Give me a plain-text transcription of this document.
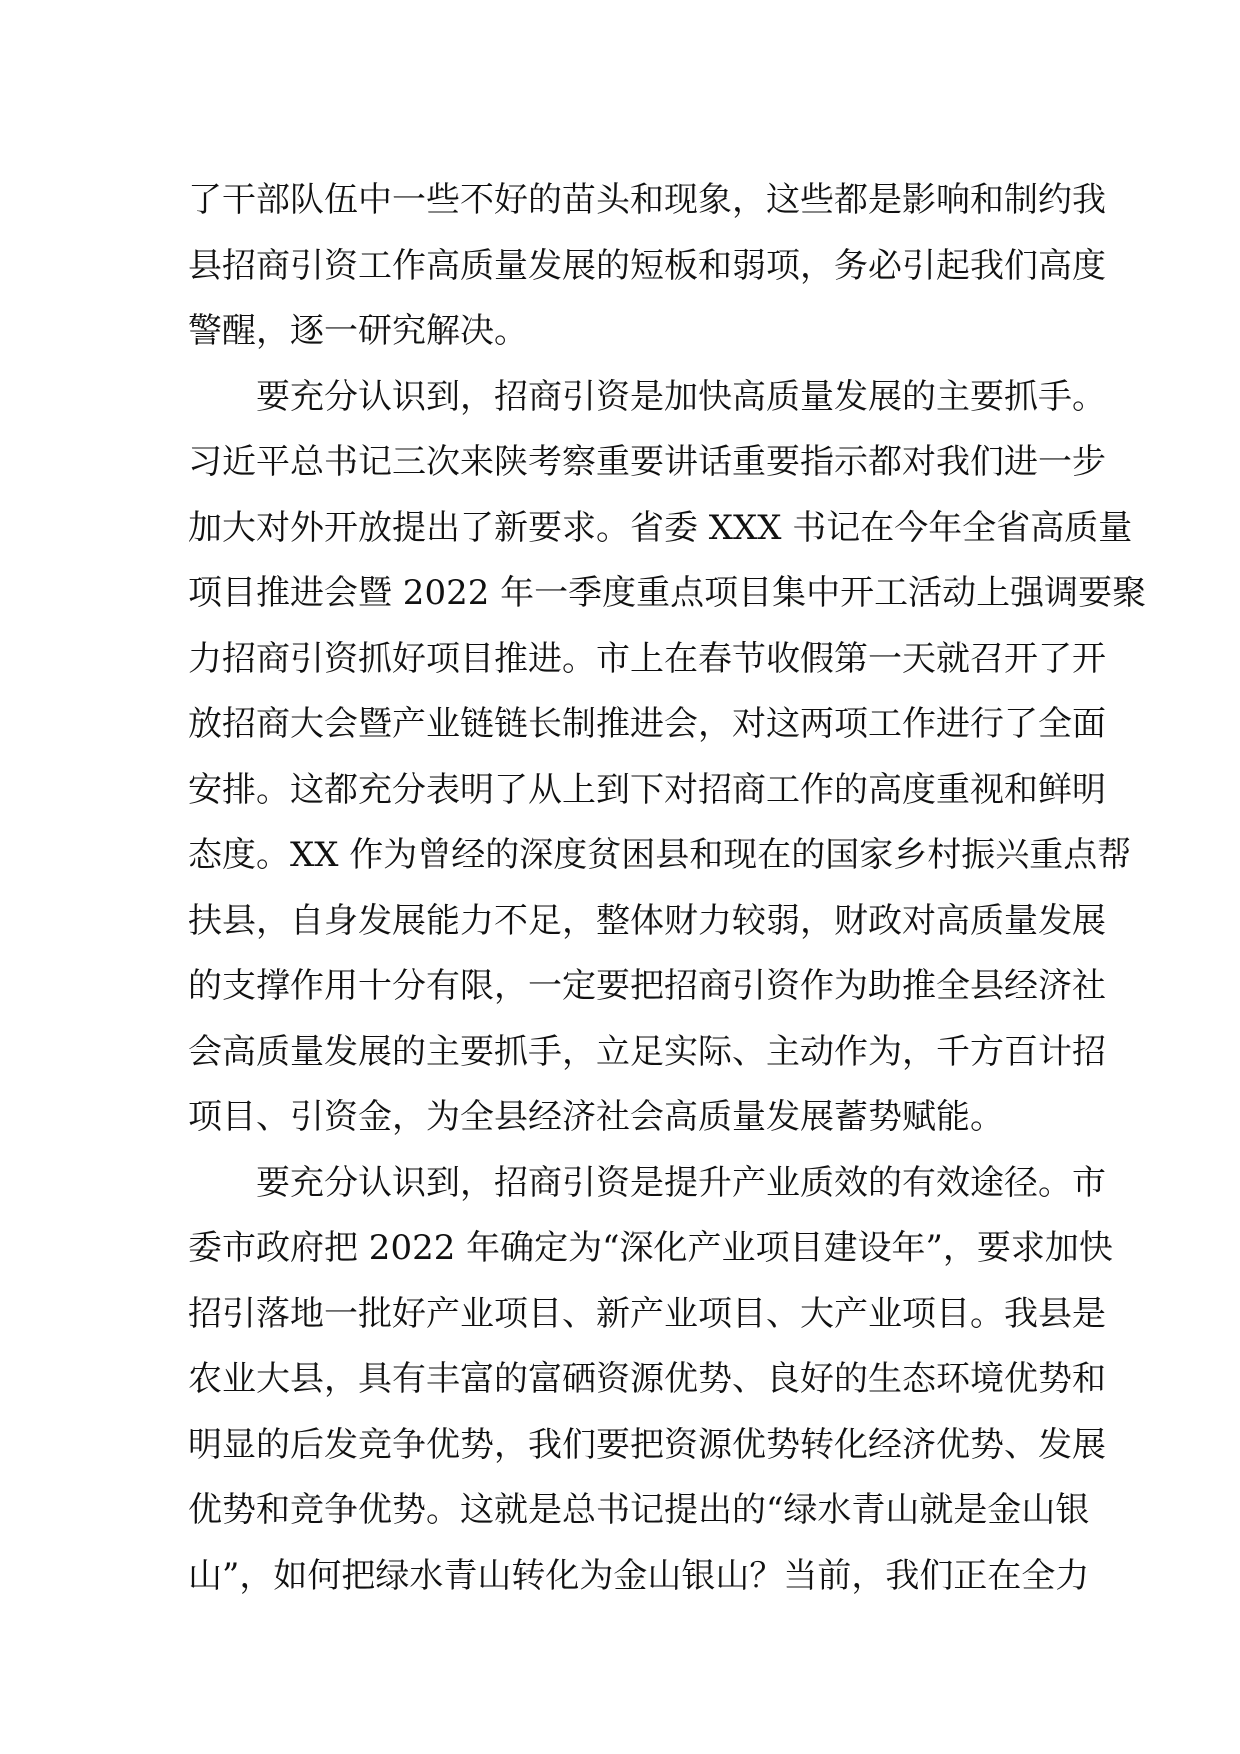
了干部队伍中一些不好的苗头和现象，这些都是影响和制约我
县招商引资工作高质量发展的短板和弱项，务必引起我们高度
警醒，逐一研究解决。
　　要充分认识到，招商引资是加快高质量发展的主要抓手。
习近平总书记三次来陕考察重要讲话重要指示都对我们进一步
加大对外开放提出了新要求。省委 XXX 书记在今年全省高质量
项目推进会暨 2022 年一季度重点项目集中开工活动上强调要聚
力招商引资抓好项目推进。市上在春节收假第一天就召开了开
放招商大会暨产业链链长制推进会，对这两项工作进行了全面
安排。这都充分表明了从上到下对招商工作的高度重视和鲜明
态度。XX 作为曾经的深度贫困县和现在的国家乡村振兴重点帮
扶县，自身发展能力不足，整体财力较弱，财政对高质量发展
的支撑作用十分有限，一定要把招商引资作为助推全县经济社
会高质量发展的主要抓手，立足实际、主动作为，千方百计招
项目、引资金，为全县经济社会高质量发展蓄势赋能。
　　要充分认识到，招商引资是提升产业质效的有效途径。市
委市政府把 2022 年确定为“深化产业项目建设年”，要求加快
招引落地一批好产业项目、新产业项目、大产业项目。我县是
农业大县，具有丰富的富硒资源优势、良好的生态环境优势和
明显的后发竞争优势，我们要把资源优势转化经济优势、发展
优势和竞争优势。这就是总书记提出的“绿水青山就是金山银
山”，如何把绿水青山转化为金山银山？当前，我们正在全力
